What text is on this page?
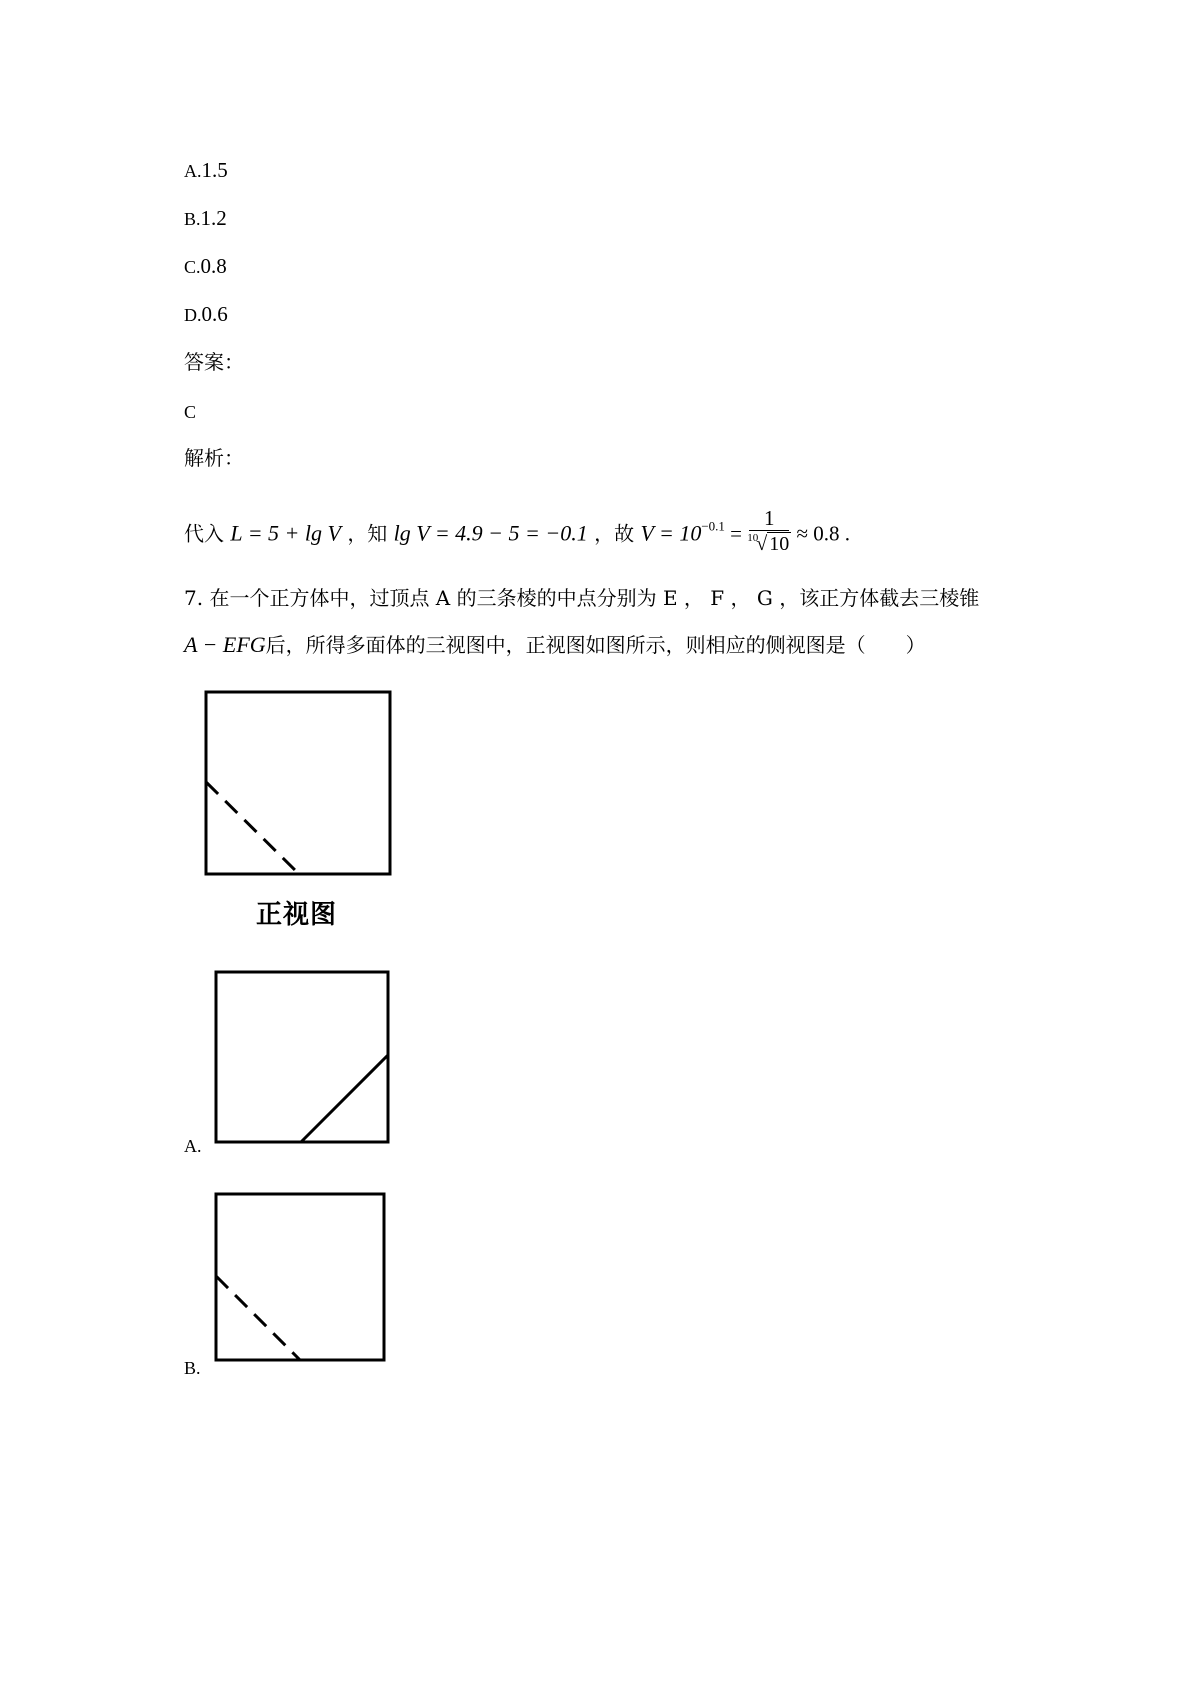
A.1.5
B.1.2
C.0.8
D.0.6
答案：
C
解析：
代入 L = 5 + lg V ，知 lg V = 4.9 − 5 = −0.1 ，故 $V = 10^{-0.1} = \frac{1}{^{10}√ 10} \approx 0.8$ .
7. 在一个正方体中，过顶点 A 的三条棱的中点分别为 E ， F ， G ，该正方体截去三棱锥
A − EFG后，所得多面体的三视图中，正视图如图所示，则相应的侧视图是（　　）
正视图
A.
B.
